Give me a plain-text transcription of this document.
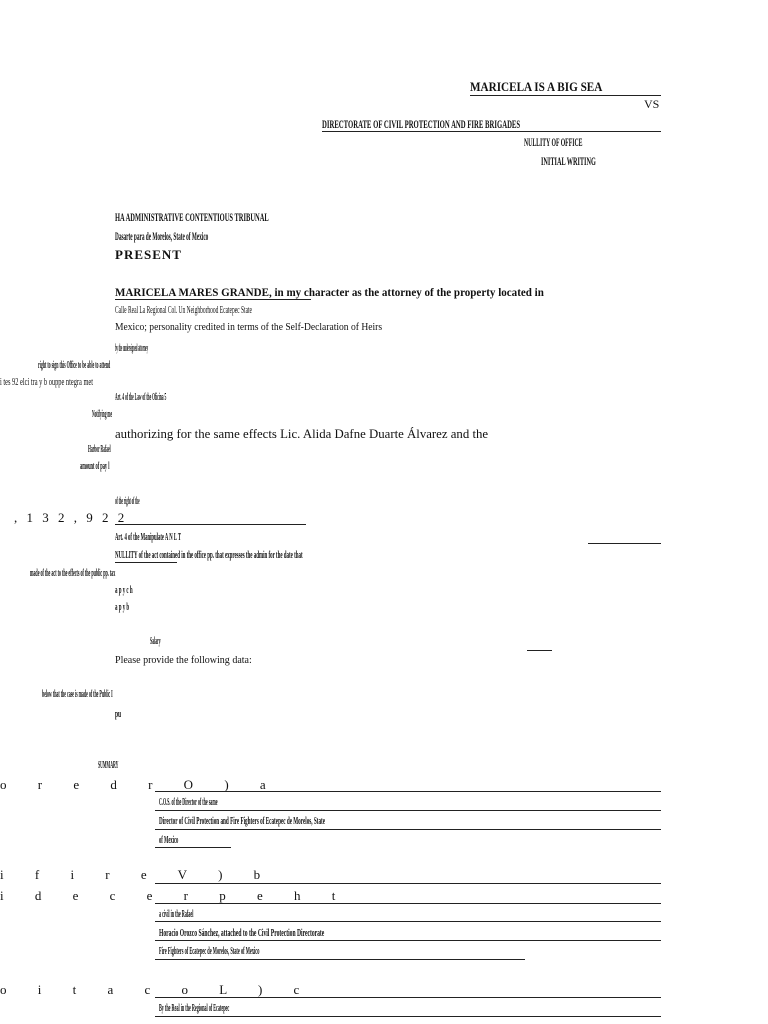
MARICELA IS A BIG SEA
VS
DIRECTORATE OF CIVIL PROTECTION AND FIRE BRIGADES
NULLITY OF OFFICE
INITIAL WRITING
HA ADMINISTRATIVE CONTENTIOUS TRIBUNAL
Dasarte para de Morelos, State of Mexico
PRESENT
MARICELA MARES GRANDE, in my character as the attorney of the property located in
Calle Real La Regional Col. Un Neighborhood Ecatepec State
Mexico; personality credited in terms of the Self-Declaration of Heirs
by the undersigned attorney
right to sign this Office to be able to attend
i tes 92 elci tra y b ouppe ntegra met
Art. 4 of the Law of the Oficina 5
Notifying me
authorizing for the same effects Lic. Alida Dafne Duarte Álvarez and the
Harbor Rafael
amount of pay l
of the right of the
, 1 3 2 , 9 2 2
Art. 4 of the Manipulate A N L T
NULLITY of the act contained in the office pp. that expresses the admin for the date that
made of the act to the effects of the public pp. tax
a p y c h
a p y b
Salary
Please provide the following data:
below that the case is made of the Public I
pu
SUMMARY
o r e d r O ) a
C.O.S. of the Director of the same
Director of Civil Protection and Fire Fighters of Ecatepec de Morelos, State
of Mexico
i f i r e V ) b
i d e c e r p e h t
a civil in the Rafael
Horacio Orozco Sánchez, attached to the Civil Protection Directorate
Fire Fighters of Ecatepec de Morelos, State of Mexico
o i t a c o L ) c
By the Real in the Regional of Ecatepec
